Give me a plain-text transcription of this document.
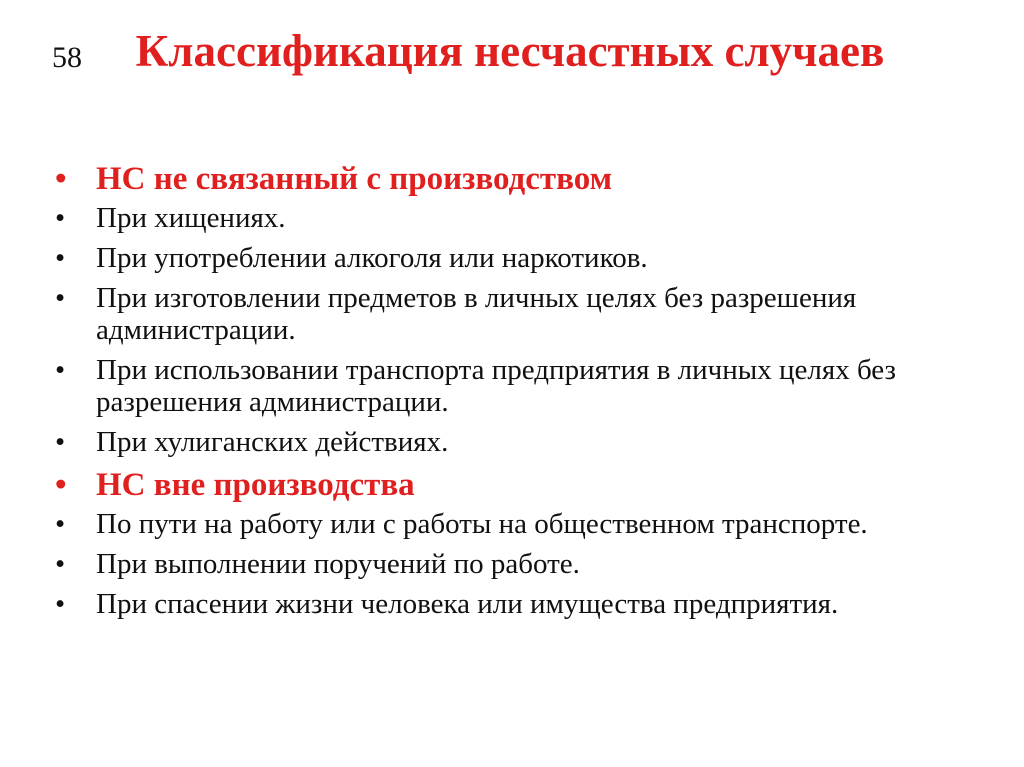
58	Классификация несчастных случаев
• НС не связанный с производством
•	При хищениях.
•	При употреблении алкоголя или наркотиков.
•	При изготовлении предметов в личных целях без разрешения администрации.
•	При использовании транспорта предприятия в личных целях без разрешения администрации.
•	При хулиганских действиях.
• НС вне производства
•	По пути на работу или с работы на общественном транспорте.
•	При выполнении поручений по работе.
•	При спасении жизни человека или имущества предприятия.
